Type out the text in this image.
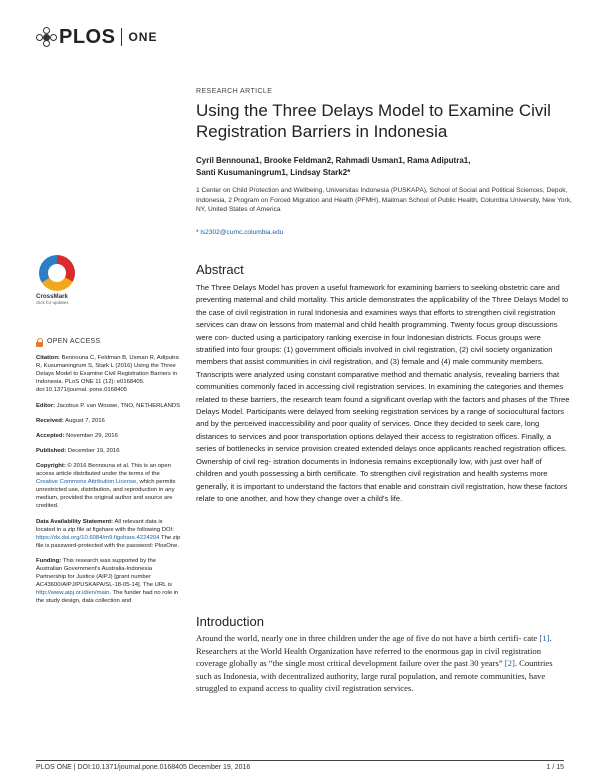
PLOS ONE
RESEARCH ARTICLE
Using the Three Delays Model to Examine Civil Registration Barriers in Indonesia
Cyril Bennouna1, Brooke Feldman2, Rahmadi Usman1, Rama Adiputra1,
Santi Kusumaningrum1, Lindsay Stark2*
1 Center on Child Protection and Wellbeing, Universitas Indonesia (PUSKAPA), School of Social and Political Sciences, Depok, Indonesia, 2 Program on Forced Migration and Health (PFMH), Mailman School of Public Health, Columbia University, New York, NY, United States of America
* ls2302@cumc.columbia.edu
CrossMark
click for updates
OPEN ACCESS

Citation: Bennouna C, Feldman B, Usman R, Adiputra R, Kusumaningrum S, Stark L (2016) Using the Three Delays Model to Examine Civil Registration Barriers in Indonesia. PLoS ONE 11 (12): e0168405. doi:10.1371/journal. pone.0168405

Editor: Jacobus P. van Wouwe, TNO, NETHERLANDS

Received: August 7, 2016

Accepted: November 29, 2016

Published: December 19, 2016

Copyright: © 2016 Bennouna et al. This is an open access article distributed under the terms of the Creative Commons Attribution License, which permits unrestricted use, distribution, and reproduction in any medium, provided the original author and source are credited.

Data Availability Statement: All relevant data is located in a zip file at figshare with the following DOI: https://dx.doi.org/10.6084/m9.figshare.4224204 The zip file is password-protected with the password: PlosOne.

Funding: This research was supported by the Australian Government's Australia-Indonesia Partnership for Justice (AIPJ) [grant number AC43600/AIPJ/PUSKAPA/SL-18-05-14]. The URL is http://www.aipj.or.id/en/main. The funder had no role in the study design, data collection and

Abstract
The Three Delays Model has proven a useful framework for examining barriers to seeking obstetric care and preventing maternal and child mortality. This article demonstrates the applicability of the Three Delays Model to the case of civil registration in rural Indonesia and examines ways that efforts to strengthen civil registration services can draw on lessons from maternal and child health programming. Twenty focus group discussions were con- ducted using a participatory ranking exercise in four Indonesian districts. Focus groups were stratified into four groups: (1) government officials involved in civil registration, (2) civil society organization members that assist communities in civil registration, and (3) female and (4) male community members. Transcripts were analyzed using constant comparative method and thematic analysis, revealing barriers that communities commonly faced in accessing civil registration services. In examining the categories and themes related to these barriers, the research team found a significant overlap with the factors and phases of the Three Delays Model. Participants were delayed from seeking registration services by a range of sociocultural factors and by the perceived inaccessibility and poor quality of services. Once they decided to seek care, long distances to services and poor transportation options delayed their access to registration offices. Finally, a series of bottlenecks in service provision created extended delays once applicants reached registration offices. Ownership of civil reg- istration documents in Indonesia remains exceptionally low, with just over half of children and youth possessing a birth certificate. To strengthen civil registration and health systems more generally, it is important to understand the factors that enable and constrain civil registration, how these factors relate to one another, and how they change over a child's life.
Introduction
Around the world, nearly one in three children under the age of five do not have a birth certifi- cate [1]. Researchers at the World Health Organization have referred to the enormous gap in civil registration coverage globally as “the single most critical development failure over the past 30 years” [2]. Countries such as Indonesia, with decentralized authority, large rural population, and remote communities, have struggled to expand access to quality civil registration services.
PLOS ONE | DOI:10.1371/journal.pone.0168405 December 19, 2016	1 / 15
